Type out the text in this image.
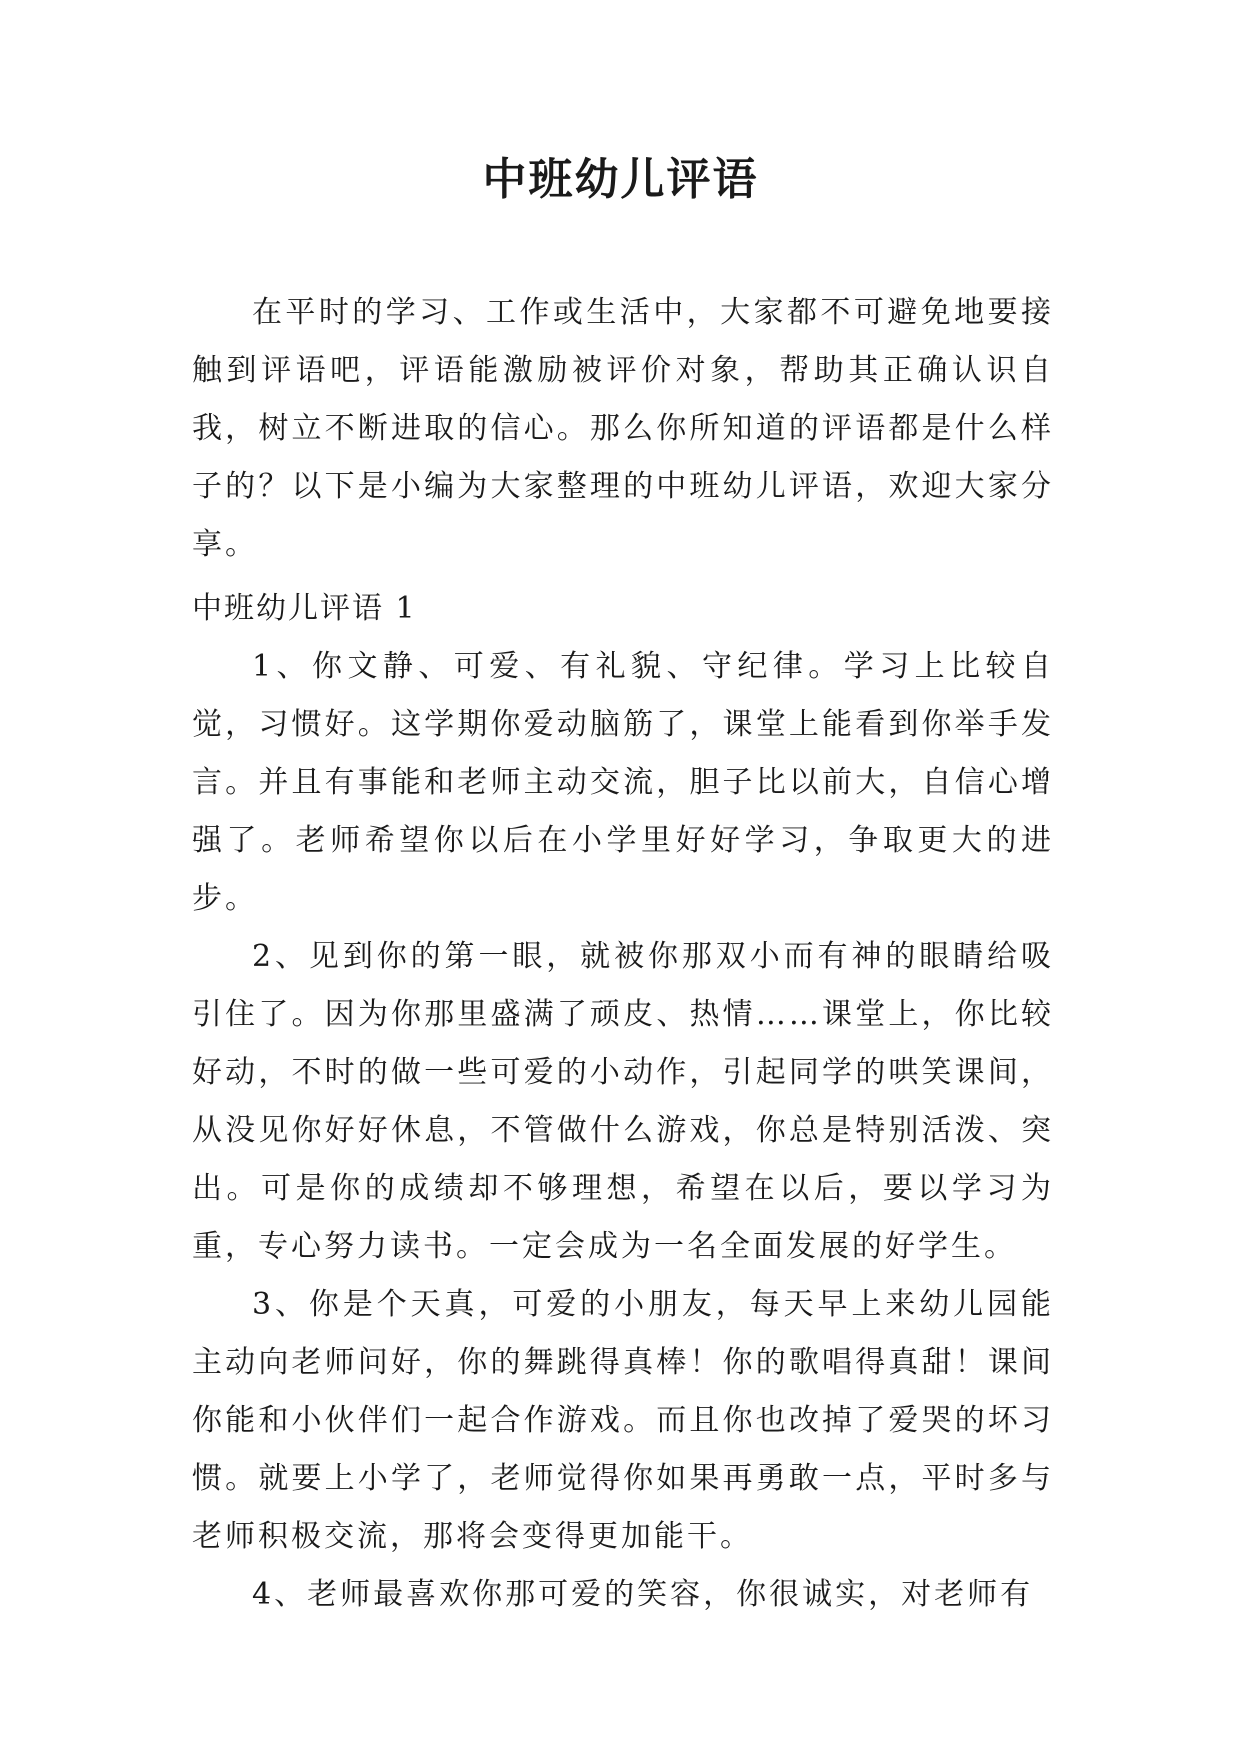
中班幼儿评语

在平时的学习、工作或生活中，大家都不可避免地要接触到评语吧，评语能激励被评价对象，帮助其正确认识自我，树立不断进取的信心。那么你所知道的评语都是什么样子的？以下是小编为大家整理的中班幼儿评语，欢迎大家分享。

中班幼儿评语 1

1、你文静、可爱、有礼貌、守纪律。学习上比较自觉，习惯好。这学期你爱动脑筋了，课堂上能看到你举手发言。并且有事能和老师主动交流，胆子比以前大，自信心增强了。老师希望你以后在小学里好好学习，争取更大的进步。

2、见到你的第一眼，就被你那双小而有神的眼睛给吸引住了。因为你那里盛满了顽皮、热情……课堂上，你比较好动，不时的做一些可爱的小动作，引起同学的哄笑课间，从没见你好好休息，不管做什么游戏，你总是特别活泼、突出。可是你的成绩却不够理想，希望在以后，要以学习为重，专心努力读书。一定会成为一名全面发展的好学生。

3、你是个天真，可爱的小朋友，每天早上来幼儿园能主动向老师问好，你的舞跳得真棒！你的歌唱得真甜！课间你能和小伙伴们一起合作游戏。而且你也改掉了爱哭的坏习惯。就要上小学了，老师觉得你如果再勇敢一点，平时多与老师积极交流，那将会变得更加能干。

4、老师最喜欢你那可爱的笑容，你很诚实，对老师有
